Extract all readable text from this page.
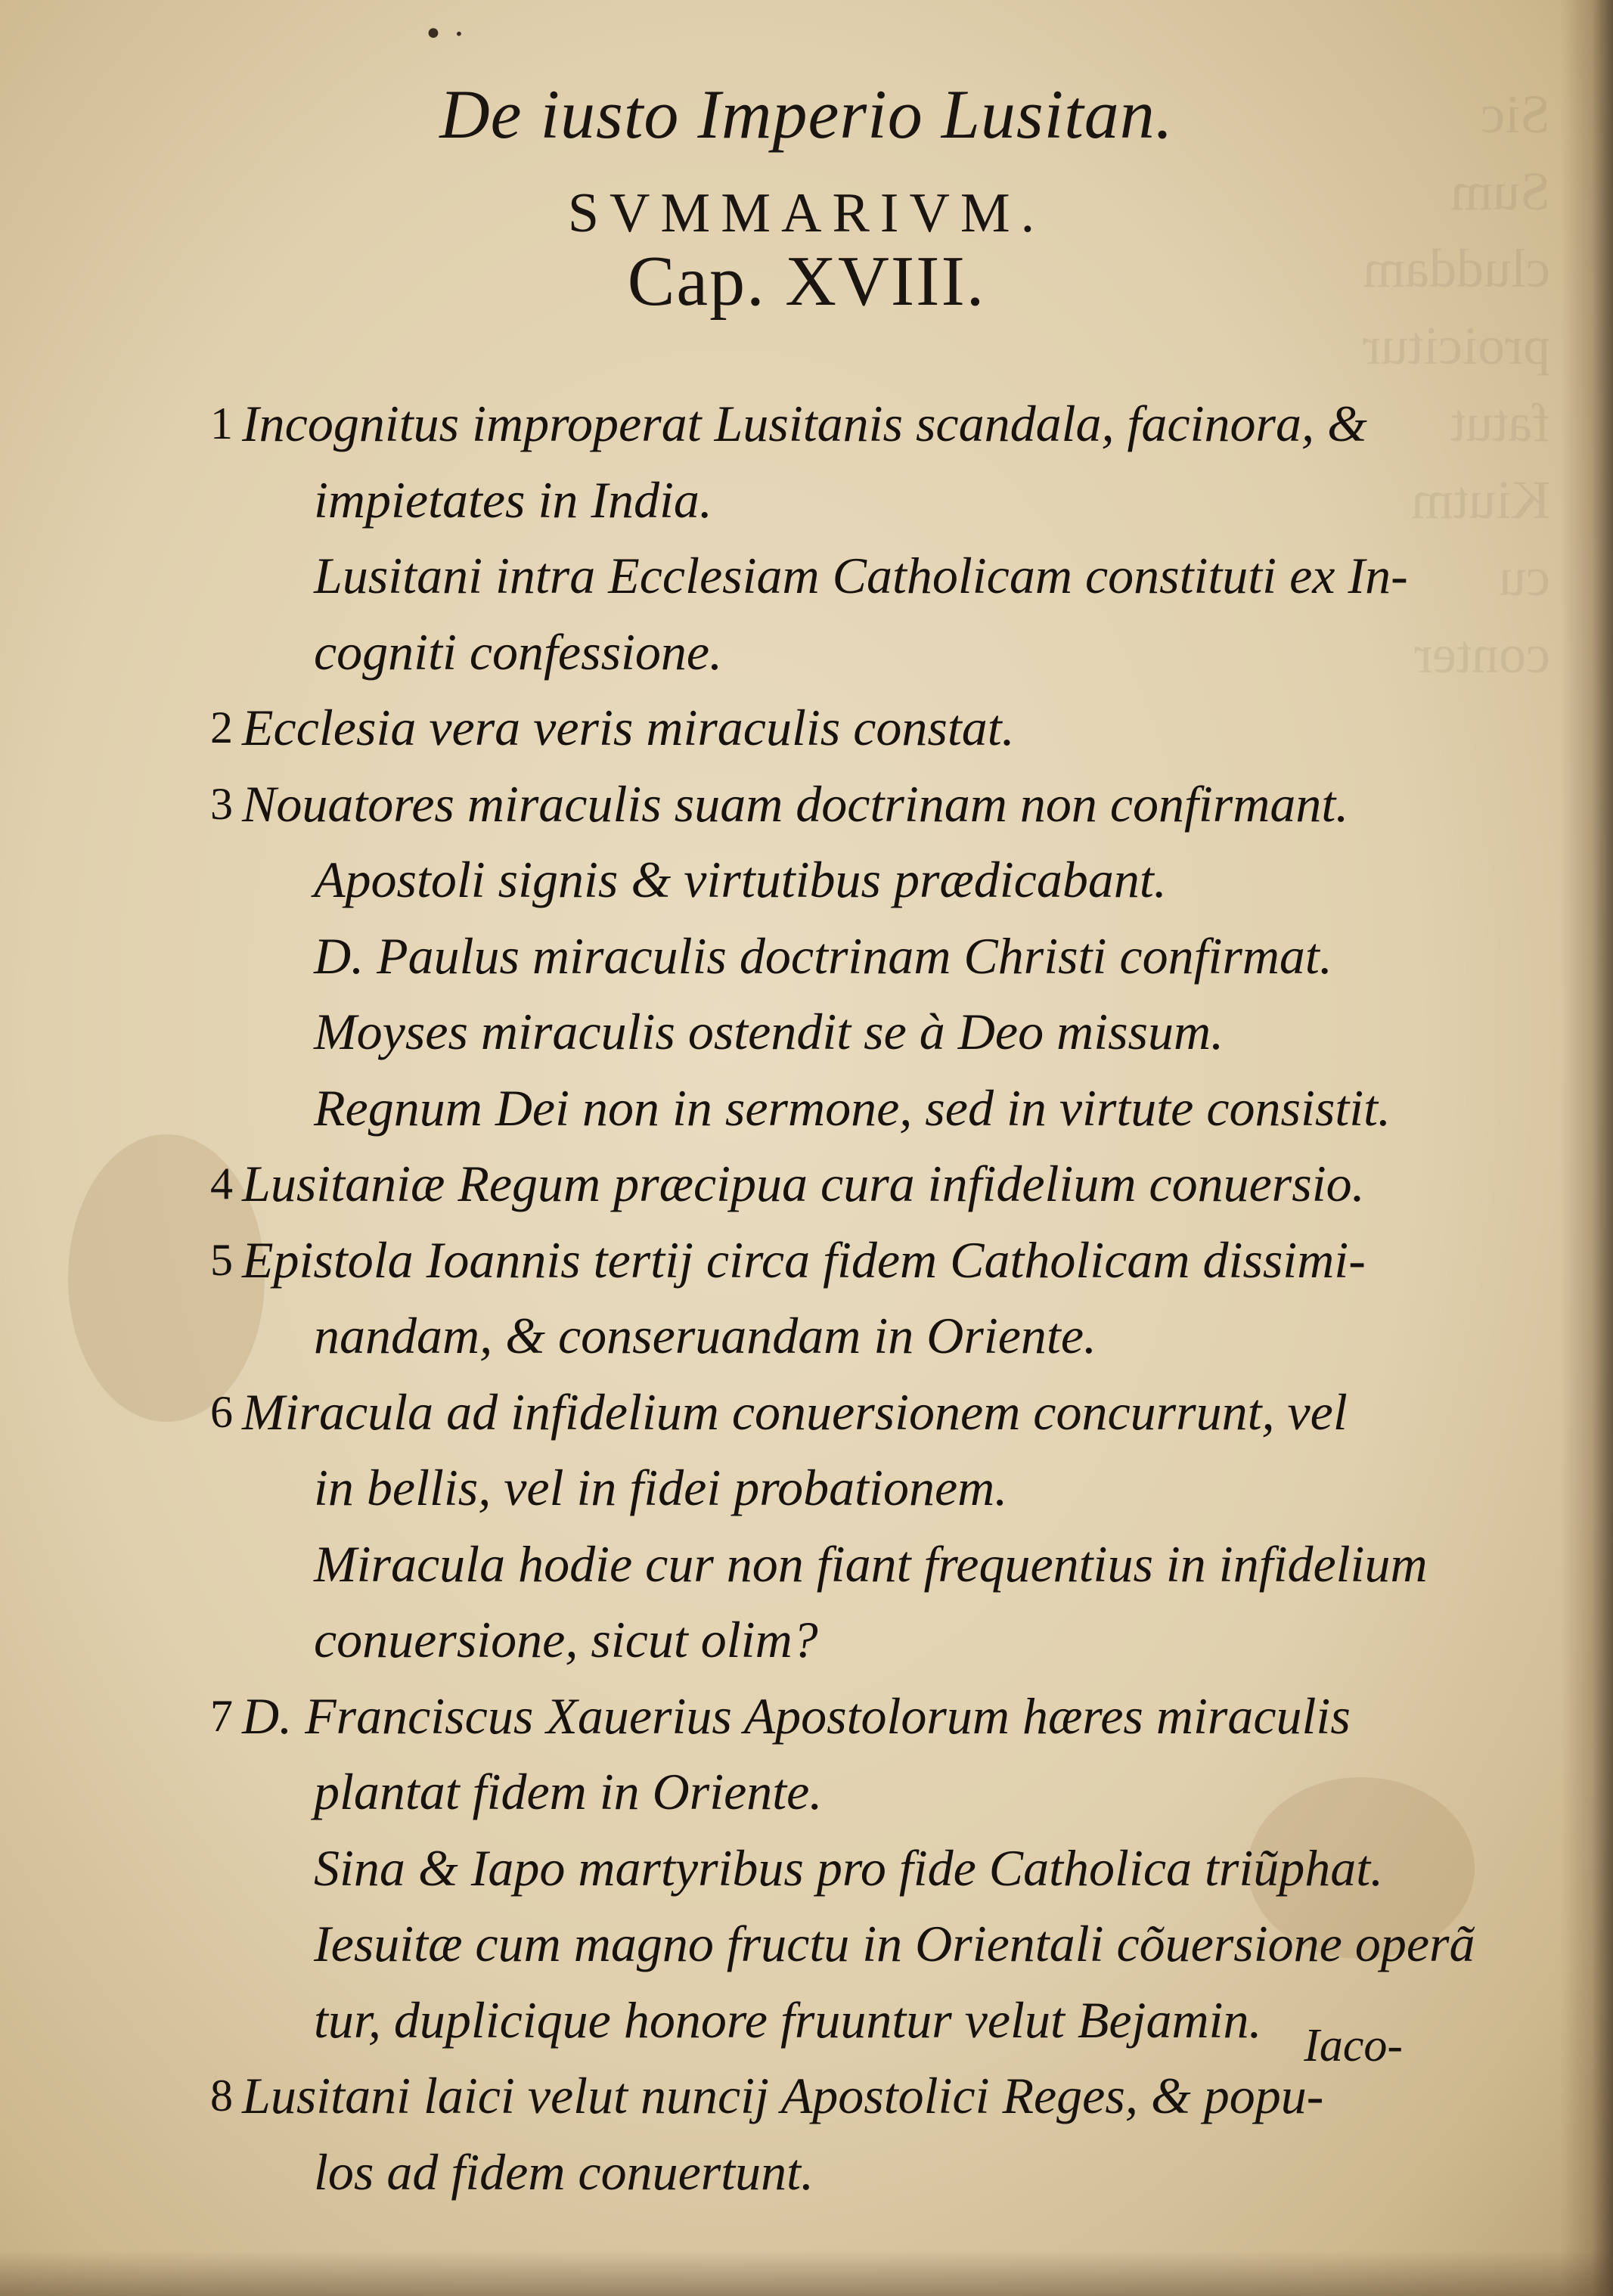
Sic
Sum
cluddam
proicitur
fatut
Kiutm
cu
conter
• ·
De iusto Imperio Lusitan.
SVMMARIVM.
Cap. XVIII.
1 Incognitus improperat Lusitanis scandala, facinora, &
impietates in India.
Lusitani intra Ecclesiam Catholicam constituti ex In-
cogniti confessione.
2 Ecclesia vera veris miraculis constat.
3 Nouatores miraculis suam doctrinam non confirmant.
Apostoli signis & virtutibus prædicabant.
D. Paulus miraculis doctrinam Christi confirmat.
Moyses miraculis ostendit se à Deo missum.
Regnum Dei non in sermone, sed in virtute consistit.
4 Lusitaniæ Regum præcipua cura infidelium conuersio.
5 Epistola Ioannis tertij circa fidem Catholicam dissimi-
nandam, & conseruandam in Oriente.
6 Miracula ad infidelium conuersionem concurrunt, vel
in bellis, vel in fidei probationem.
Miracula hodie cur non fiant frequentius in infidelium
conuersione, sicut olim?
7 D. Franciscus Xauerius Apostolorum hæres miraculis
plantat fidem in Oriente.
Sina & Iapo martyribus pro fide Catholica triũphat.
Iesuitæ cum magno fructu in Orientali cõuersione operã
tur, duplicique honore fruuntur velut Bejamin.
8 Lusitani laici velut nuncij Apostolici Reges, & popu-
los ad fidem conuertunt.
Iaco-
